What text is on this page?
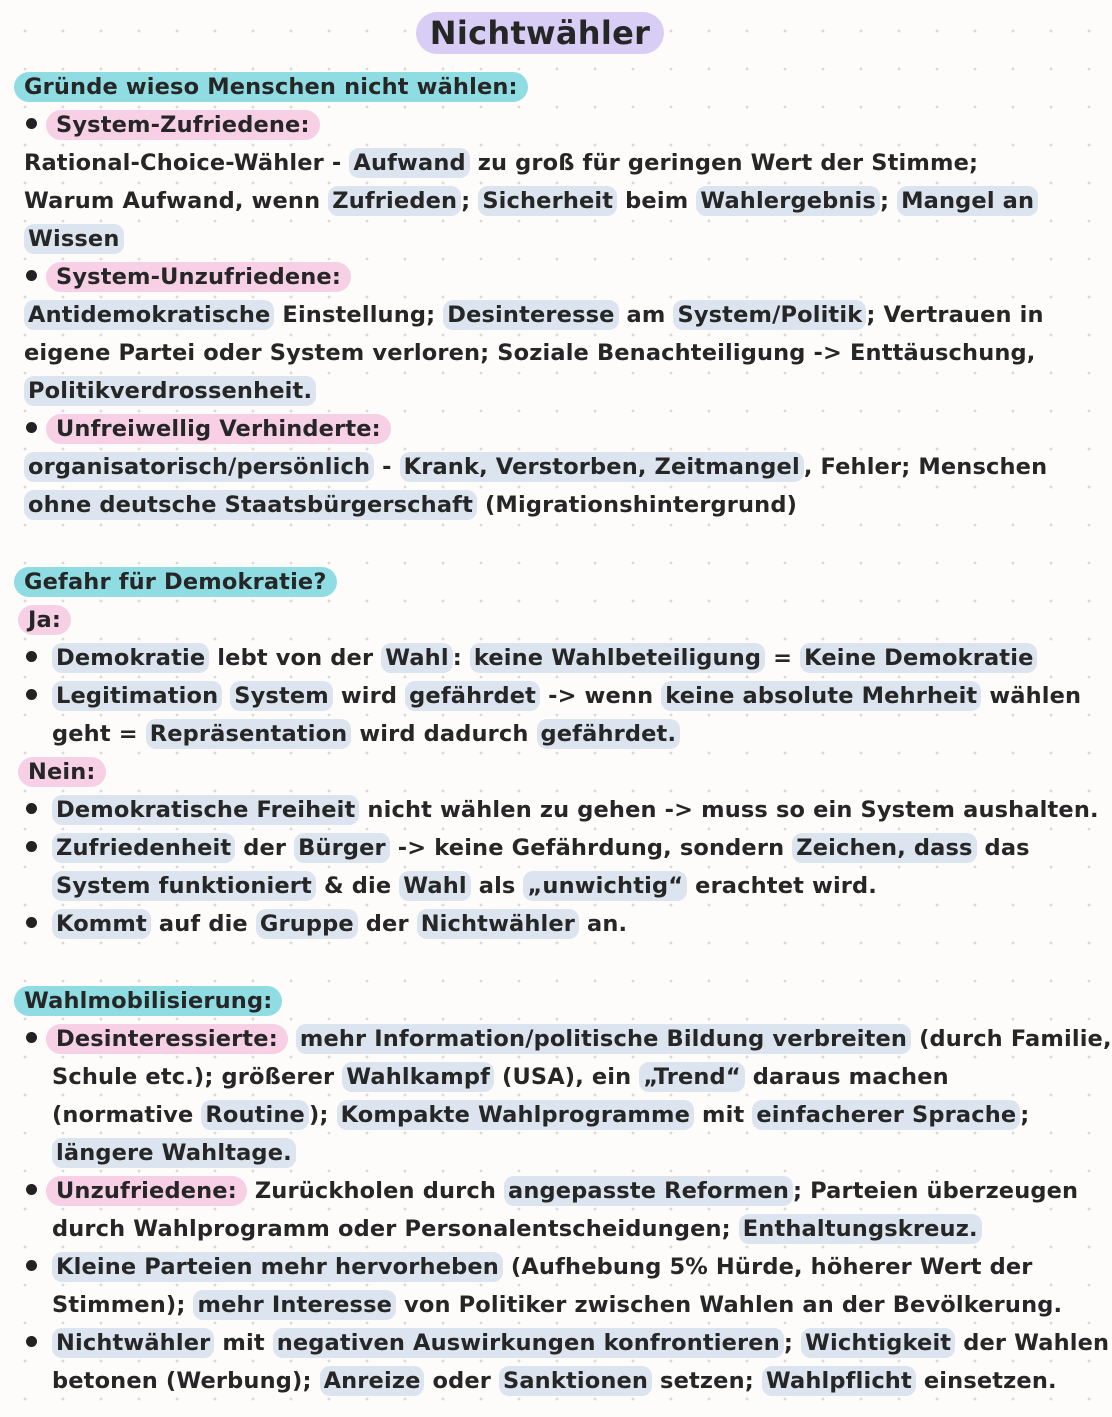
Nichtwähler
Gründe wieso Menschen nicht wählen:
System-Zufriedene:
Rational-Choice-Wähler - Aufwand zu groß für geringen Wert der Stimme;
Warum Aufwand, wenn Zufrieden ; Sicherheit beim Wahlergebnis ; Mangel an
Wissen
System-Unzufriedene:
Antidemokratische Einstellung; Desinteresse am System/Politik ; Vertrauen in
eigene Partei oder System verloren; Soziale Benachteiligung -> Enttäuschung,
Politikverdrossenheit.
Unfreiwellig Verhinderte:
organisatorisch/persönlich - Krank, Verstorben, Zeitmangel , Fehler; Menschen
ohne deutsche Staatsbürgerschaft (Migrationshintergrund)
Gefahr für Demokratie?
Ja:
Demokratie lebt von der Wahl : keine Wahlbeteiligung = Keine Demokratie
Legitimation System wird gefährdet -> wenn keine absolute Mehrheit wählen
geht = Repräsentation wird dadurch gefährdet.
Nein:
Demokratische Freiheit nicht wählen zu gehen -> muss so ein System aushalten.
Zufriedenheit der Bürger -> keine Gefährdung, sondern Zeichen, dass das
System funktioniert & die Wahl als „unwichtig“ erachtet wird.
Kommt auf die Gruppe der Nichtwähler an.
Wahlmobilisierung:
Desinteressierte: mehr Information/politische Bildung verbreiten (durch Familie,
Schule etc.); größerer Wahlkampf (USA), ein „Trend“ daraus machen
(normative Routine ); Kompakte Wahlprogramme mit einfacherer Sprache ;
längere Wahltage.
Unzufriedene: Zurückholen durch angepasste Reformen ; Parteien überzeugen
durch Wahlprogramm oder Personalentscheidungen; Enthaltungskreuz.
Kleine Parteien mehr hervorheben (Aufhebung 5% Hürde, höherer Wert der
Stimmen); mehr Interesse von Politiker zwischen Wahlen an der Bevölkerung.
Nichtwähler mit negativen Auswirkungen konfrontieren ; Wichtigkeit der Wahlen
betonen (Werbung); Anreize oder Sanktionen setzen; Wahlpflicht einsetzen.
